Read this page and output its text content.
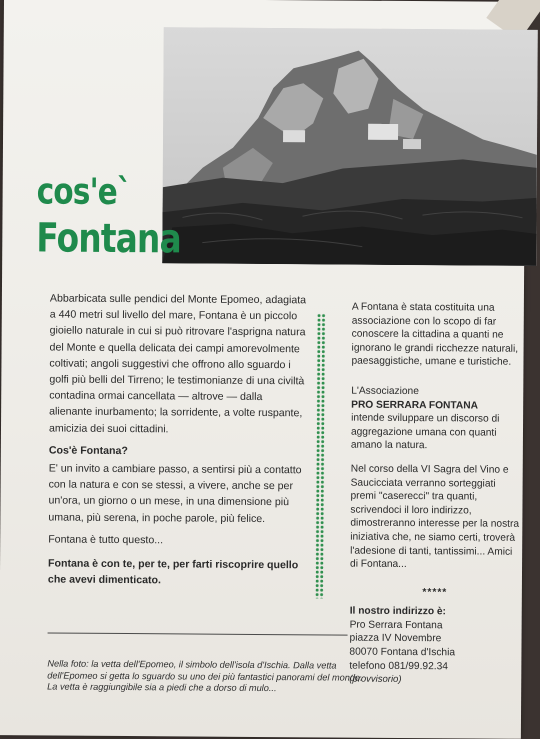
cos'e`
Fontana

Abbarbicata sulle pendici del Monte Epomeo, adagiata a 440 metri sul livello del mare, Fontana è un piccolo gioiello naturale in cui si può ritrovare l'asprigna natura del Monte e quella delicata dei campi amorevolmente coltivati; angoli suggestivi che offrono allo sguardo i golfi più belli del Tirreno; le testimonianze di una civiltà contadina ormai cancellata — altrove — dalla alienante inurbamento; la sorridente, a volte ruspante, amicizia dei suoi cittadini.

Cos'è Fontana?

E' un invito a cambiare passo, a sentirsi più a contatto con la natura e con se stessi, a vivere, anche se per un'ora, un giorno o un mese, in una dimensione più umana, più serena, in poche parole, più felice.

Fontana è tutto questo...

Fontana è con te, per te, per farti riscoprire quello che avevi dimenticato.

A Fontana è stata costituita una associazione con lo scopo di far conoscere la cittadina a quanti ne ignorano le grandi ricchezze naturali, paesaggistiche, umane e turistiche.

L'Associazione

PRO SERRARA FONTANA

intende sviluppare un discorso di aggregazione umana con quanti amano la natura.

Nel corso della VI Sagra del Vino e Saucicciata verranno sorteggiati premi "caserecci" tra quanti, scrivendoci il loro indirizzo, dimostreranno interesse per la nostra iniziativa che, ne siamo certi, troverà l'adesione di tanti, tantissimi... Amici di Fontana...

*****

Il nostro indirizzo è:

Pro Serrara Fontana

piazza IV Novembre

80070 Fontana d'Ischia

telefono 081/99.92.34

(provvisorio)

Nella foto: la vetta dell'Epomeo, il simbolo dell'isola d'Ischia. Dalla vetta dell'Epomeo si getta lo sguardo su uno dei più fantastici panorami del mondo.

La vetta è raggiungibile sia a piedi che a dorso di mulo...
